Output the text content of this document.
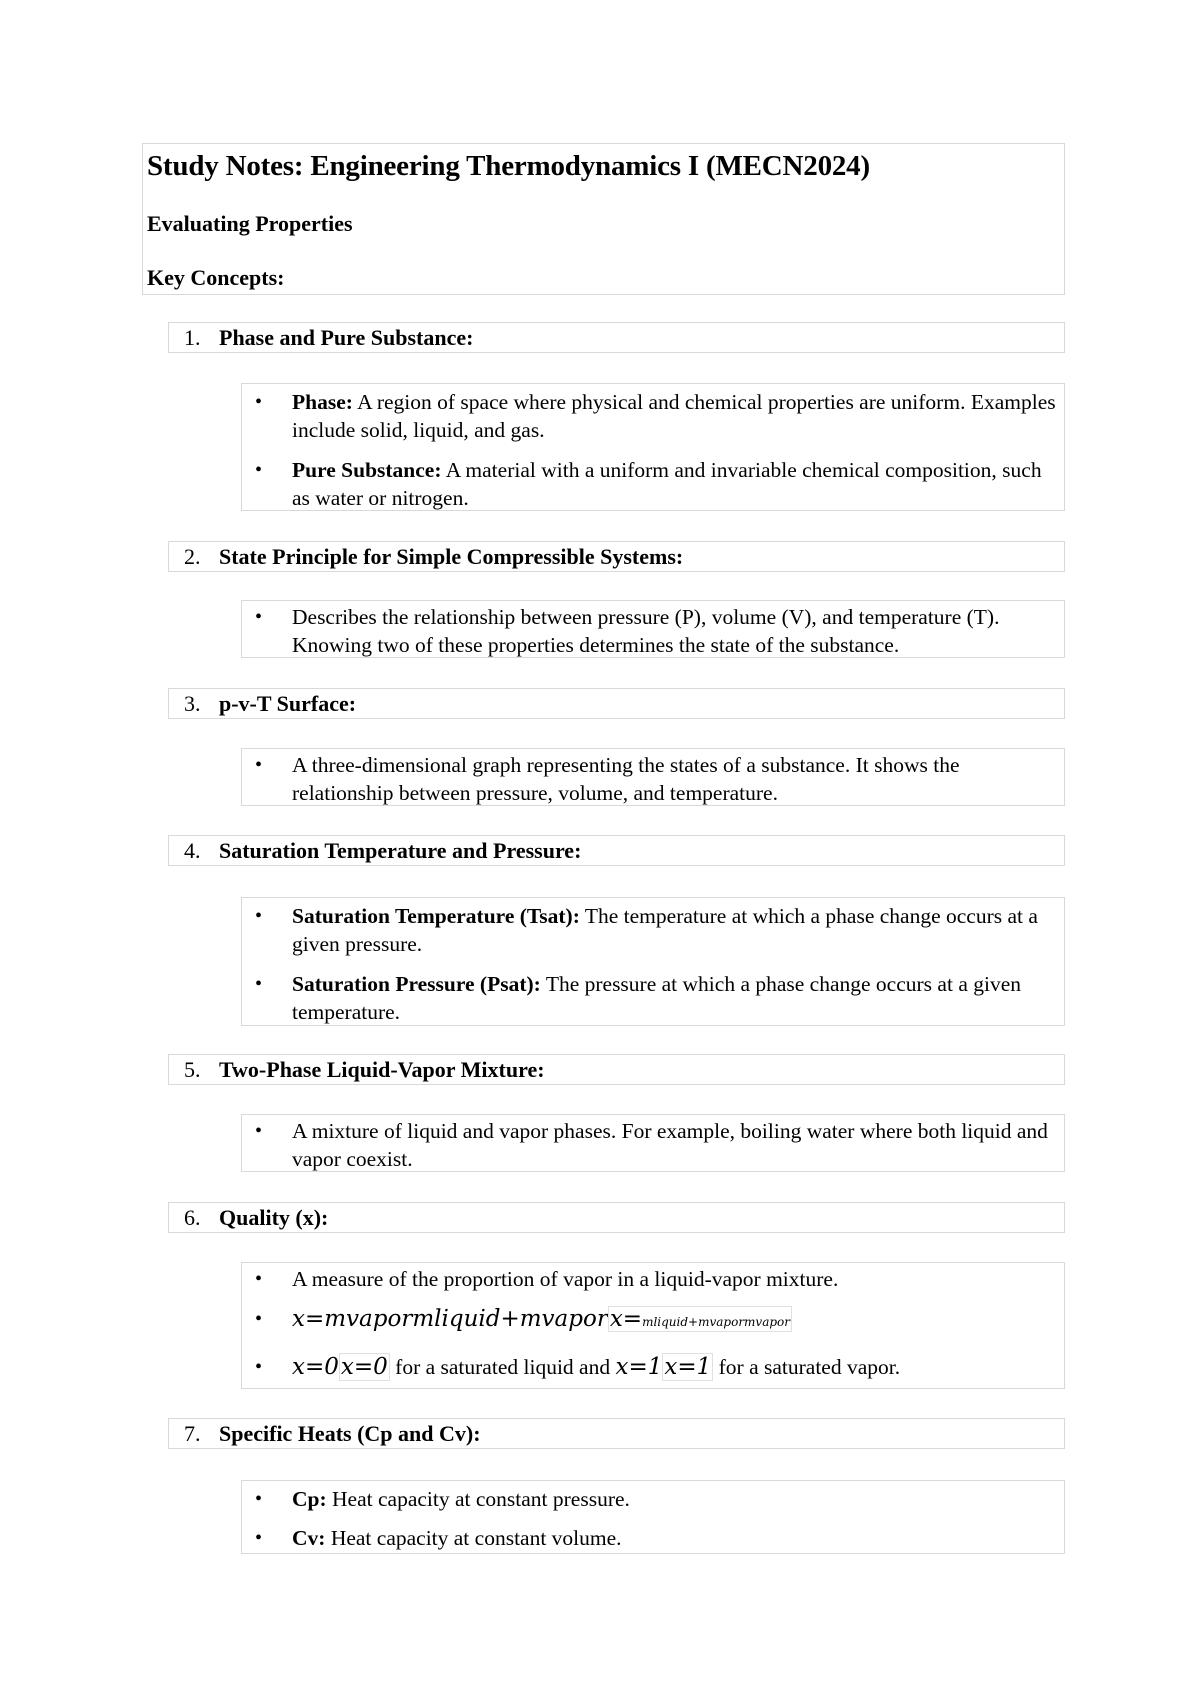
Study Notes: Engineering Thermodynamics I (MECN2024)
Evaluating Properties
Key Concepts:
1. Phase and Pure Substance:
• Phase: A region of space where physical and chemical properties are uniform. Examples include solid, liquid, and gas.
• Pure Substance: A material with a uniform and invariable chemical composition, such as water or nitrogen.
2. State Principle for Simple Compressible Systems:
• Describes the relationship between pressure (P), volume (V), and temperature (T). Knowing two of these properties determines the state of the substance.
3. p-v-T Surface:
• A three-dimensional graph representing the states of a substance. It shows the relationship between pressure, volume, and temperature.
4. Saturation Temperature and Pressure:
• Saturation Temperature (Tsat): The temperature at which a phase change occurs at a given pressure.
• Saturation Pressure (Psat): The pressure at which a phase change occurs at a given temperature.
5. Two-Phase Liquid-Vapor Mixture:
• A mixture of liquid and vapor phases. For example, boiling water where both liquid and vapor coexist.
6. Quality (x):
• A measure of the proportion of vapor in a liquid-vapor mixture.
• x=mvapormliquid+mvaporx=mliquid+mvapormvapor
• x=0x=0 for a saturated liquid and x=1x=1 for a saturated vapor.
7. Specific Heats (Cp and Cv):
• Cp: Heat capacity at constant pressure.
• Cv: Heat capacity at constant volume.
